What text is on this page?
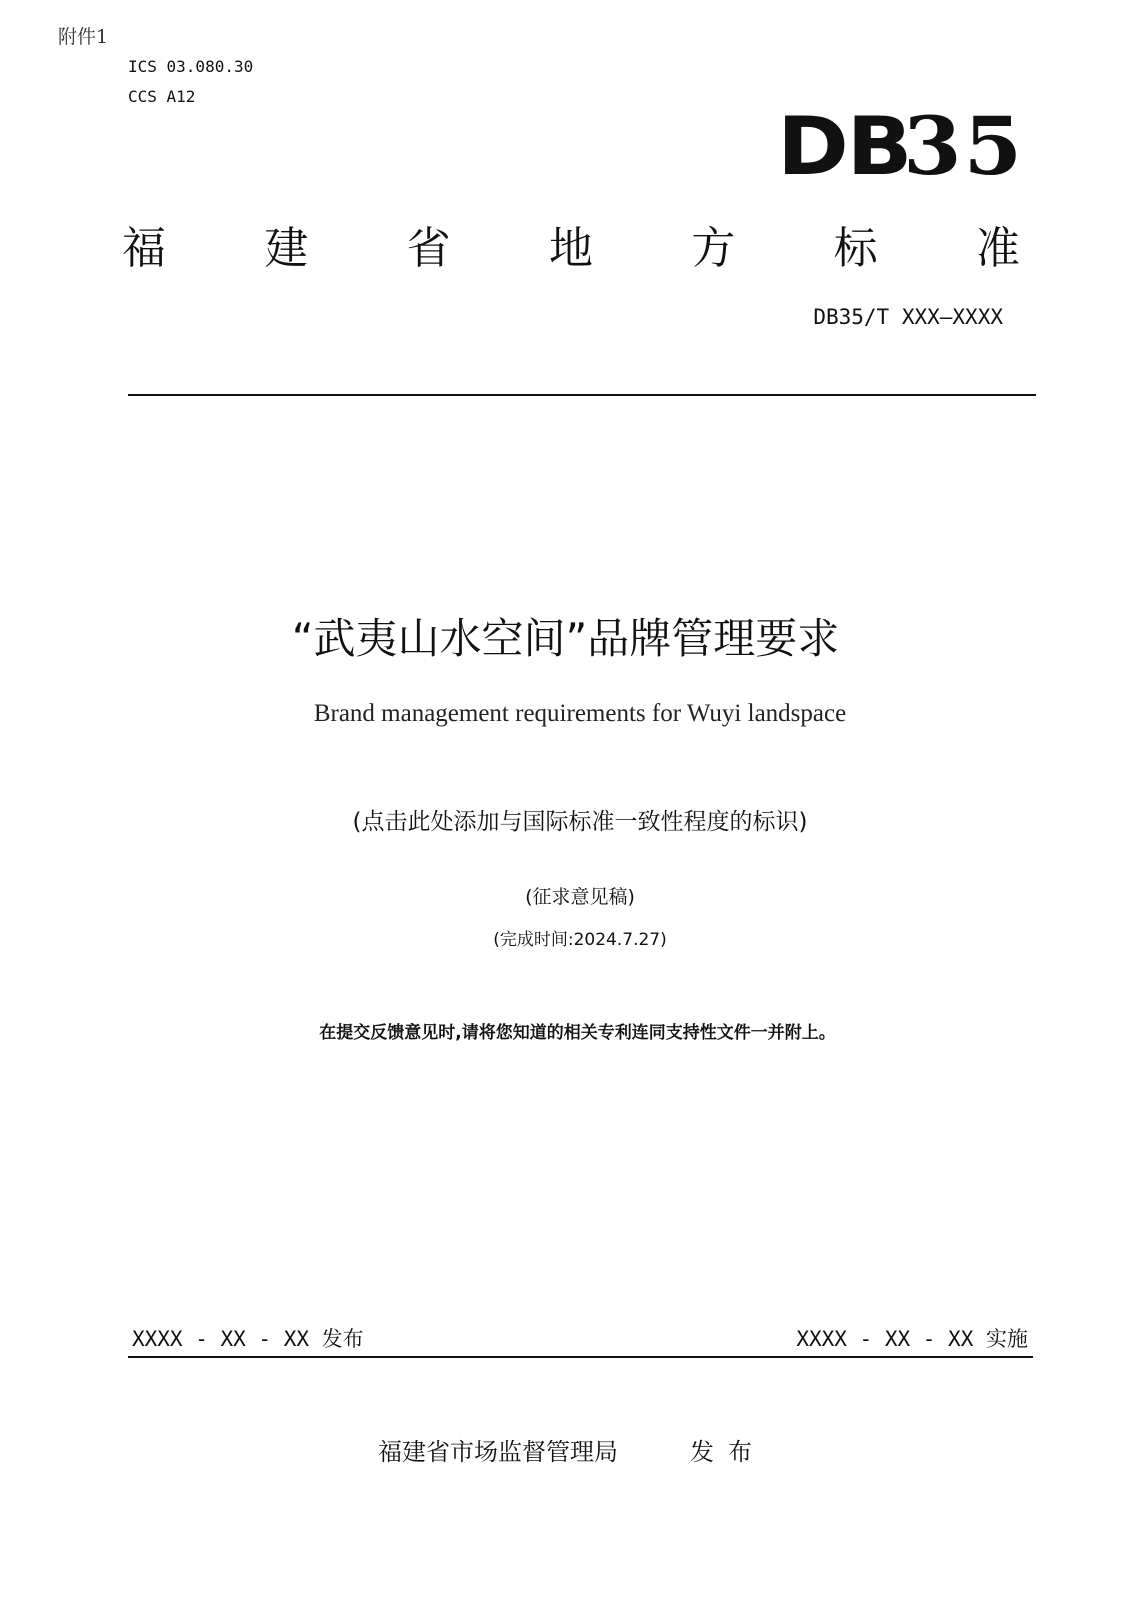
附件1
ICS 03.080.30
CCS A12
DB35
福 建 省 地 方 标 准
DB35/T XXX—XXXX
“武夷山水空间”品牌管理要求
Brand management requirements for Wuyi landspace
(点击此处添加与国际标准一致性程度的标识)
(征求意见稿)
(完成时间:2024.7.27)
在提交反馈意见时,请将您知道的相关专利连同支持性文件一并附上。
XXXX - XX - XX 发布	XXXX - XX - XX 实施
福建省市场监督管理局	发布
